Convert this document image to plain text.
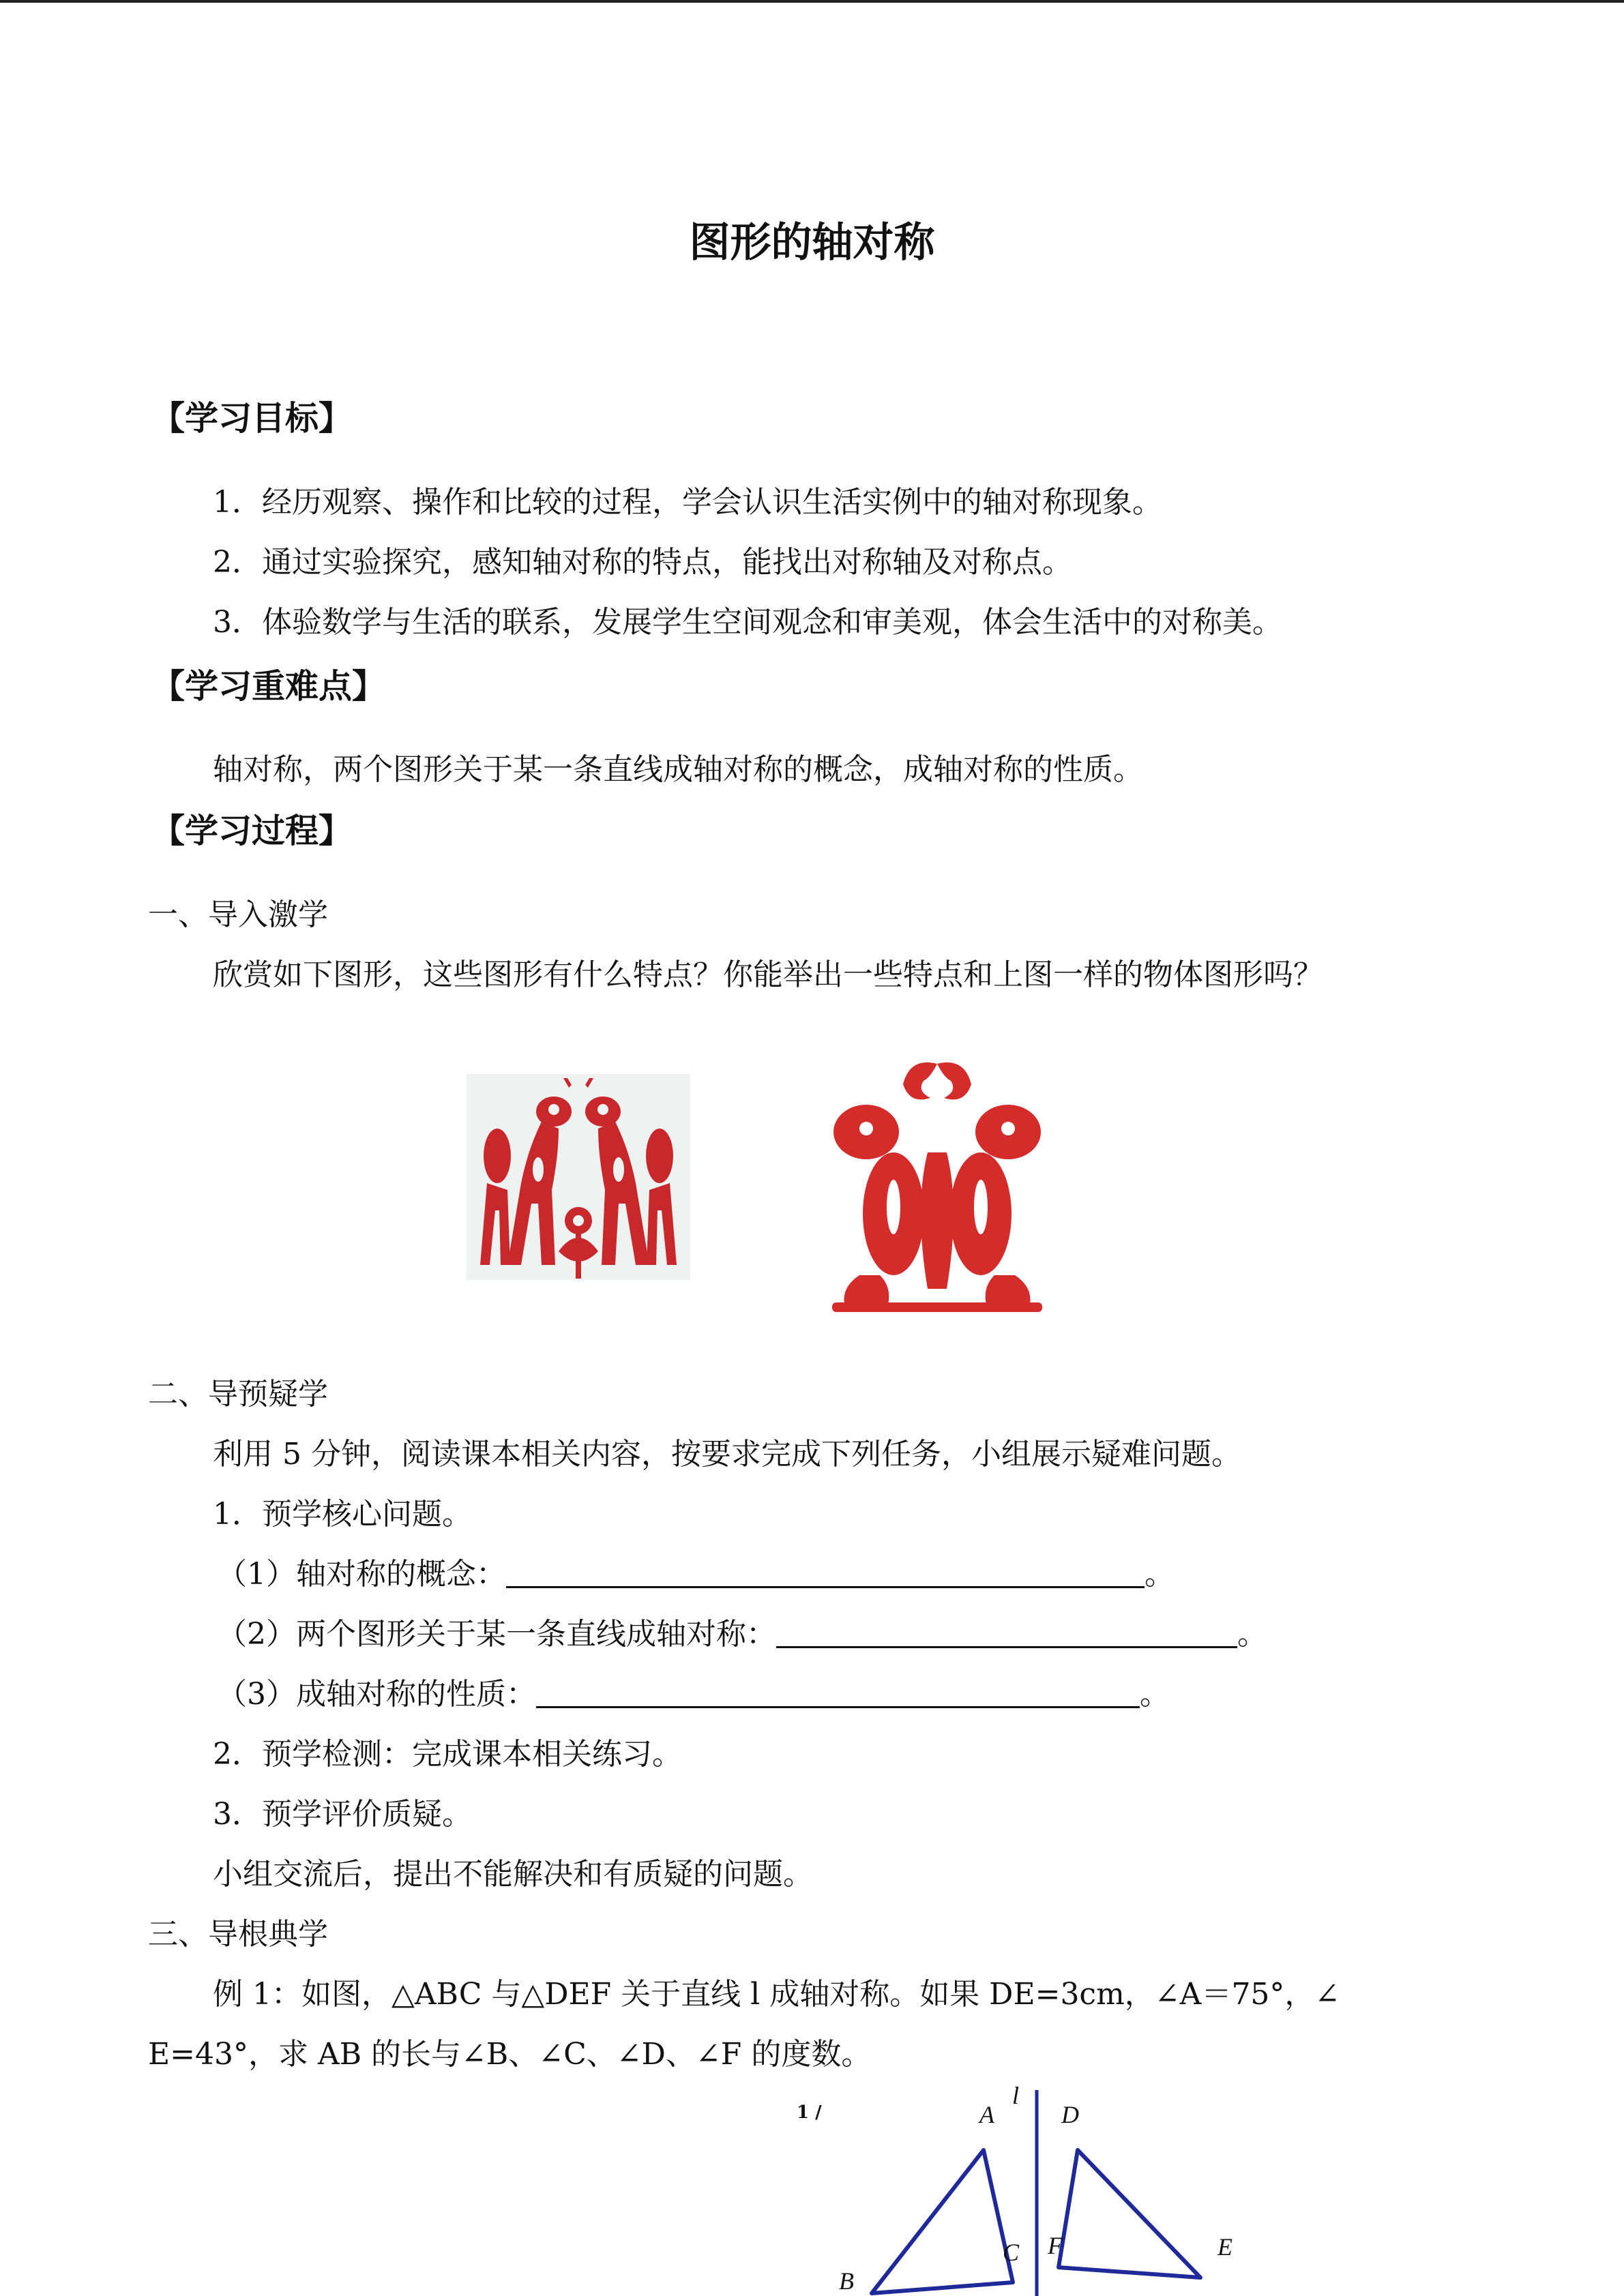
图形的轴对称
【学习目标】
1．经历观察、操作和比较的过程，学会认识生活实例中的轴对称现象。
2．通过实验探究，感知轴对称的特点，能找出对称轴及对称点。
3．体验数学与生活的联系，发展学生空间观念和审美观，体会生活中的对称美。
【学习重难点】
轴对称，两个图形关于某一条直线成轴对称的概念，成轴对称的性质。
【学习过程】
一、导入激学
欣赏如下图形，这些图形有什么特点？你能举出一些特点和上图一样的物体图形吗？
二、导预疑学
利用 5 分钟，阅读课本相关内容，按要求完成下列任务，小组展示疑难问题。
1．预学核心问题。
（1）轴对称的概念：	。
（2）两个图形关于某一条直线成轴对称：	。
（3）成轴对称的性质：	。
2．预学检测：完成课本相关练习。
3．预学评价质疑。
小组交流后，提出不能解决和有质疑的问题。
三、导根典学
例 1：如图，△ABC 与△DEF 关于直线 l 成轴对称。如果 DE=3cm，∠A＝75°，∠
E=43°，求 AB 的长与∠B、∠C、∠D、∠F 的度数。
1 /
l
A
B
C
D
E
F
